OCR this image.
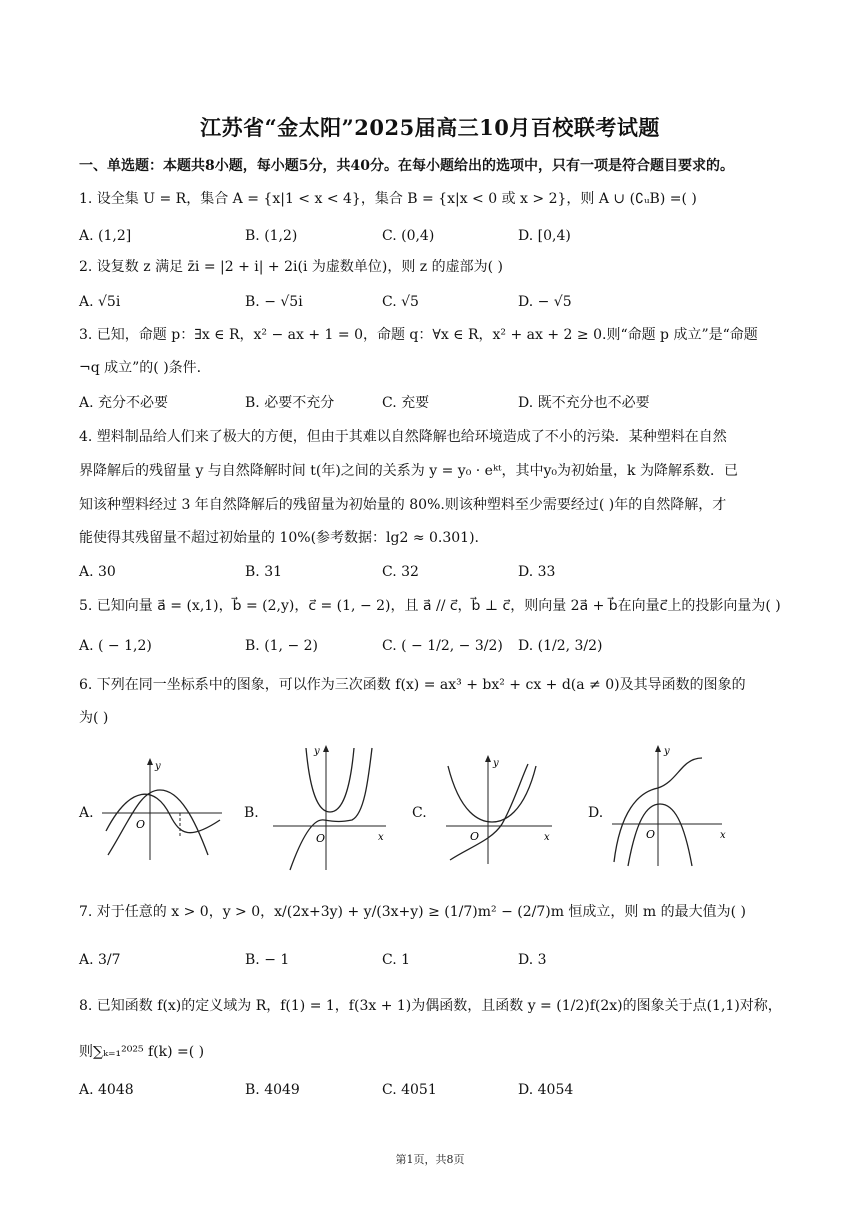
江苏省“金太阳”2025届高三10月百校联考试题
一、单选题：本题共8小题，每小题5分，共40分。在每小题给出的选项中，只有一项是符合题目要求的。
1. 设全集 U = R，集合 A = {x|1 < x < 4}，集合 B = {x|x < 0 或 x > 2}，则 A ∪ (∁ᵤB) =( )
A. (1,2]	B. (1,2)	C. (0,4)	D. [0,4)
2. 设复数 z 满足 z̄i = |2 + i| + 2i(i 为虚数单位)，则 z 的虚部为( )
A. √5i	B. − √5i	C. √5	D. − √5
3. 已知，命题 p：∃x ∈ R，x² − ax + 1 = 0，命题 q：∀x ∈ R，x² + ax + 2 ≥ 0.则“命题 p 成立”是“命题
¬q 成立”的( )条件.
A. 充分不必要	B. 必要不充分	C. 充要	D. 既不充分也不必要
4. 塑料制品给人们来了极大的方便，但由于其难以自然降解也给环境造成了不小的污染．某种塑料在自然
界降解后的残留量 y 与自然降解时间 t(年)之间的关系为 y = y₀ · eᵏᵗ，其中y₀为初始量，k 为降解系数．已
知该种塑料经过 3 年自然降解后的残留量为初始量的 80%.则该种塑料至少需要经过( )年的自然降解，才
能使得其残留量不超过初始量的 10%(参考数据：lg2 ≈ 0.301).
A. 30	B. 31	C. 32	D. 33
5. 已知向量 a⃗ = (x,1)，b⃗ = (2,y)，c⃗ = (1, − 2)，且 a⃗ // c⃗，b⃗ ⊥ c⃗，则向量 2a⃗ + b⃗在向量c⃗上的投影向量为( )
A. ( − 1,2)	B. (1, − 2)	C. ( − 1/2, − 3/2) D. (1/2, 3/2)
6. 下列在同一坐标系中的图象，可以作为三次函数 f(x) = ax³ + bx² + cx + d(a ≠ 0)及其导函数的图象的
为( )
A.
y
O
B.
y
x
O
C.
y
x
O
D.
y
x
O
7. 对于任意的 x > 0，y > 0，x/(2x+3y) + y/(3x+y) ≥ (1/7)m² − (2/7)m 恒成立，则 m 的最大值为( )
A. 3/7	B. − 1	C. 1	D. 3
8. 已知函数 f(x)的定义域为 R，f(1) = 1，f(3x + 1)为偶函数，且函数 y = (1/2)f(2x)的图象关于点(1,1)对称，
则∑ₖ₌₁²⁰²⁵ f(k) =( )
A. 4048	B. 4049	C. 4051	D. 4054
第1页，共8页
